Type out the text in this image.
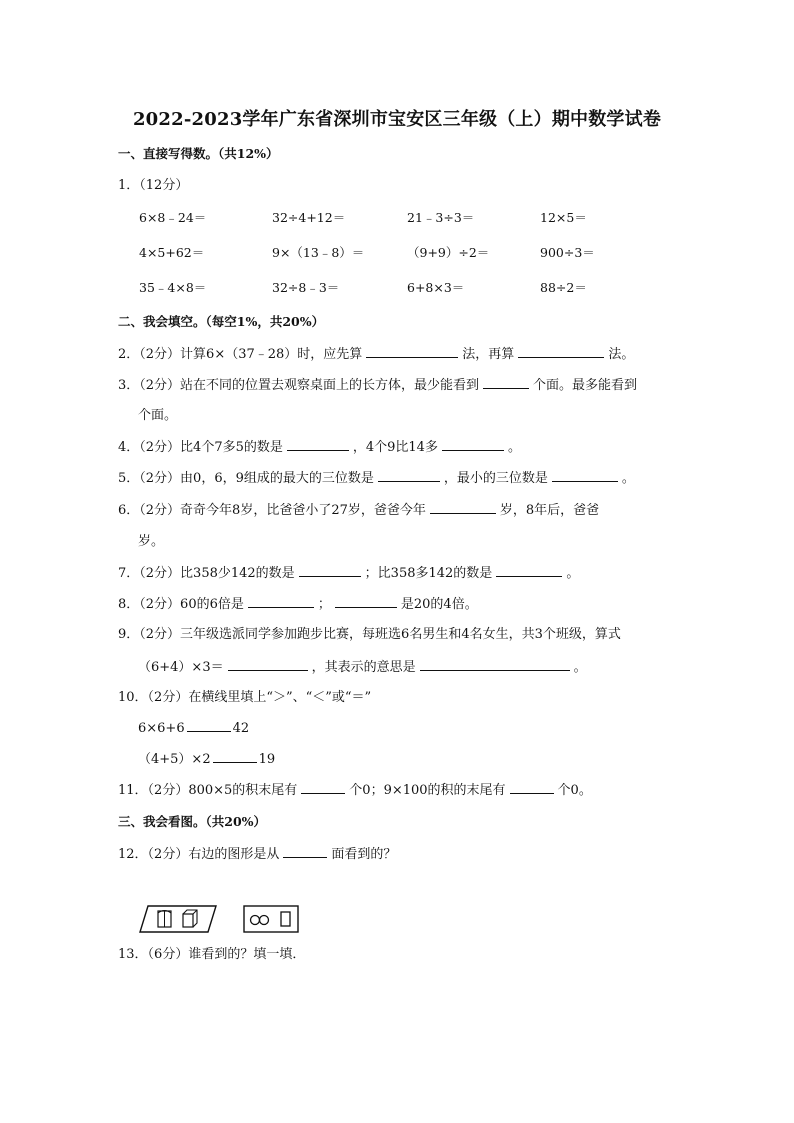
2022-2023学年广东省深圳市宝安区三年级（上）期中数学试卷
一、直接写得数。（共12%）
1．（12分）
6×8﹣24＝	32÷4+12＝	21﹣3÷3＝	12×5＝
4×5+62＝	9×（13﹣8）＝	（9+9）÷2＝	900÷3＝
35﹣4×8＝	32÷8﹣3＝	6+8×3＝	88÷2＝
二、我会填空。（每空1%，共20%）
2．（2分）计算6×（37﹣28）时，应先算	法，再算	法。
3．（2分）站在不同的位置去观察桌面上的长方体，最少能看到	个面。最多能看到
个面。
4．（2分）比4个7多5的数是	，4个9比14多	。
5．（2分）由0，6，9组成的最大的三位数是	，最小的三位数是	。
6．（2分）奇奇今年8岁，比爸爸小了27岁，爸爸今年	岁，8年后，爸爸
岁。
7．（2分）比358少142的数是	；比358多142的数是	。
8．（2分）60的6倍是	；	是20的4倍。
9．（2分）三年级选派同学参加跑步比赛，每班选6名男生和4名女生，共3个班级，算式
（6+4）×3＝	，其表示的意思是	。
10．（2分）在横线里填上“＞”、“＜”或“＝”
6×6+6	42
（4+5）×2	19
11．（2分）800×5的积末尾有	个0；9×100的积的末尾有	个0。
三、我会看图。（共20%）
12．（2分）右边的图形是从	面看到的？
13．（6分）谁看到的？填一填．
